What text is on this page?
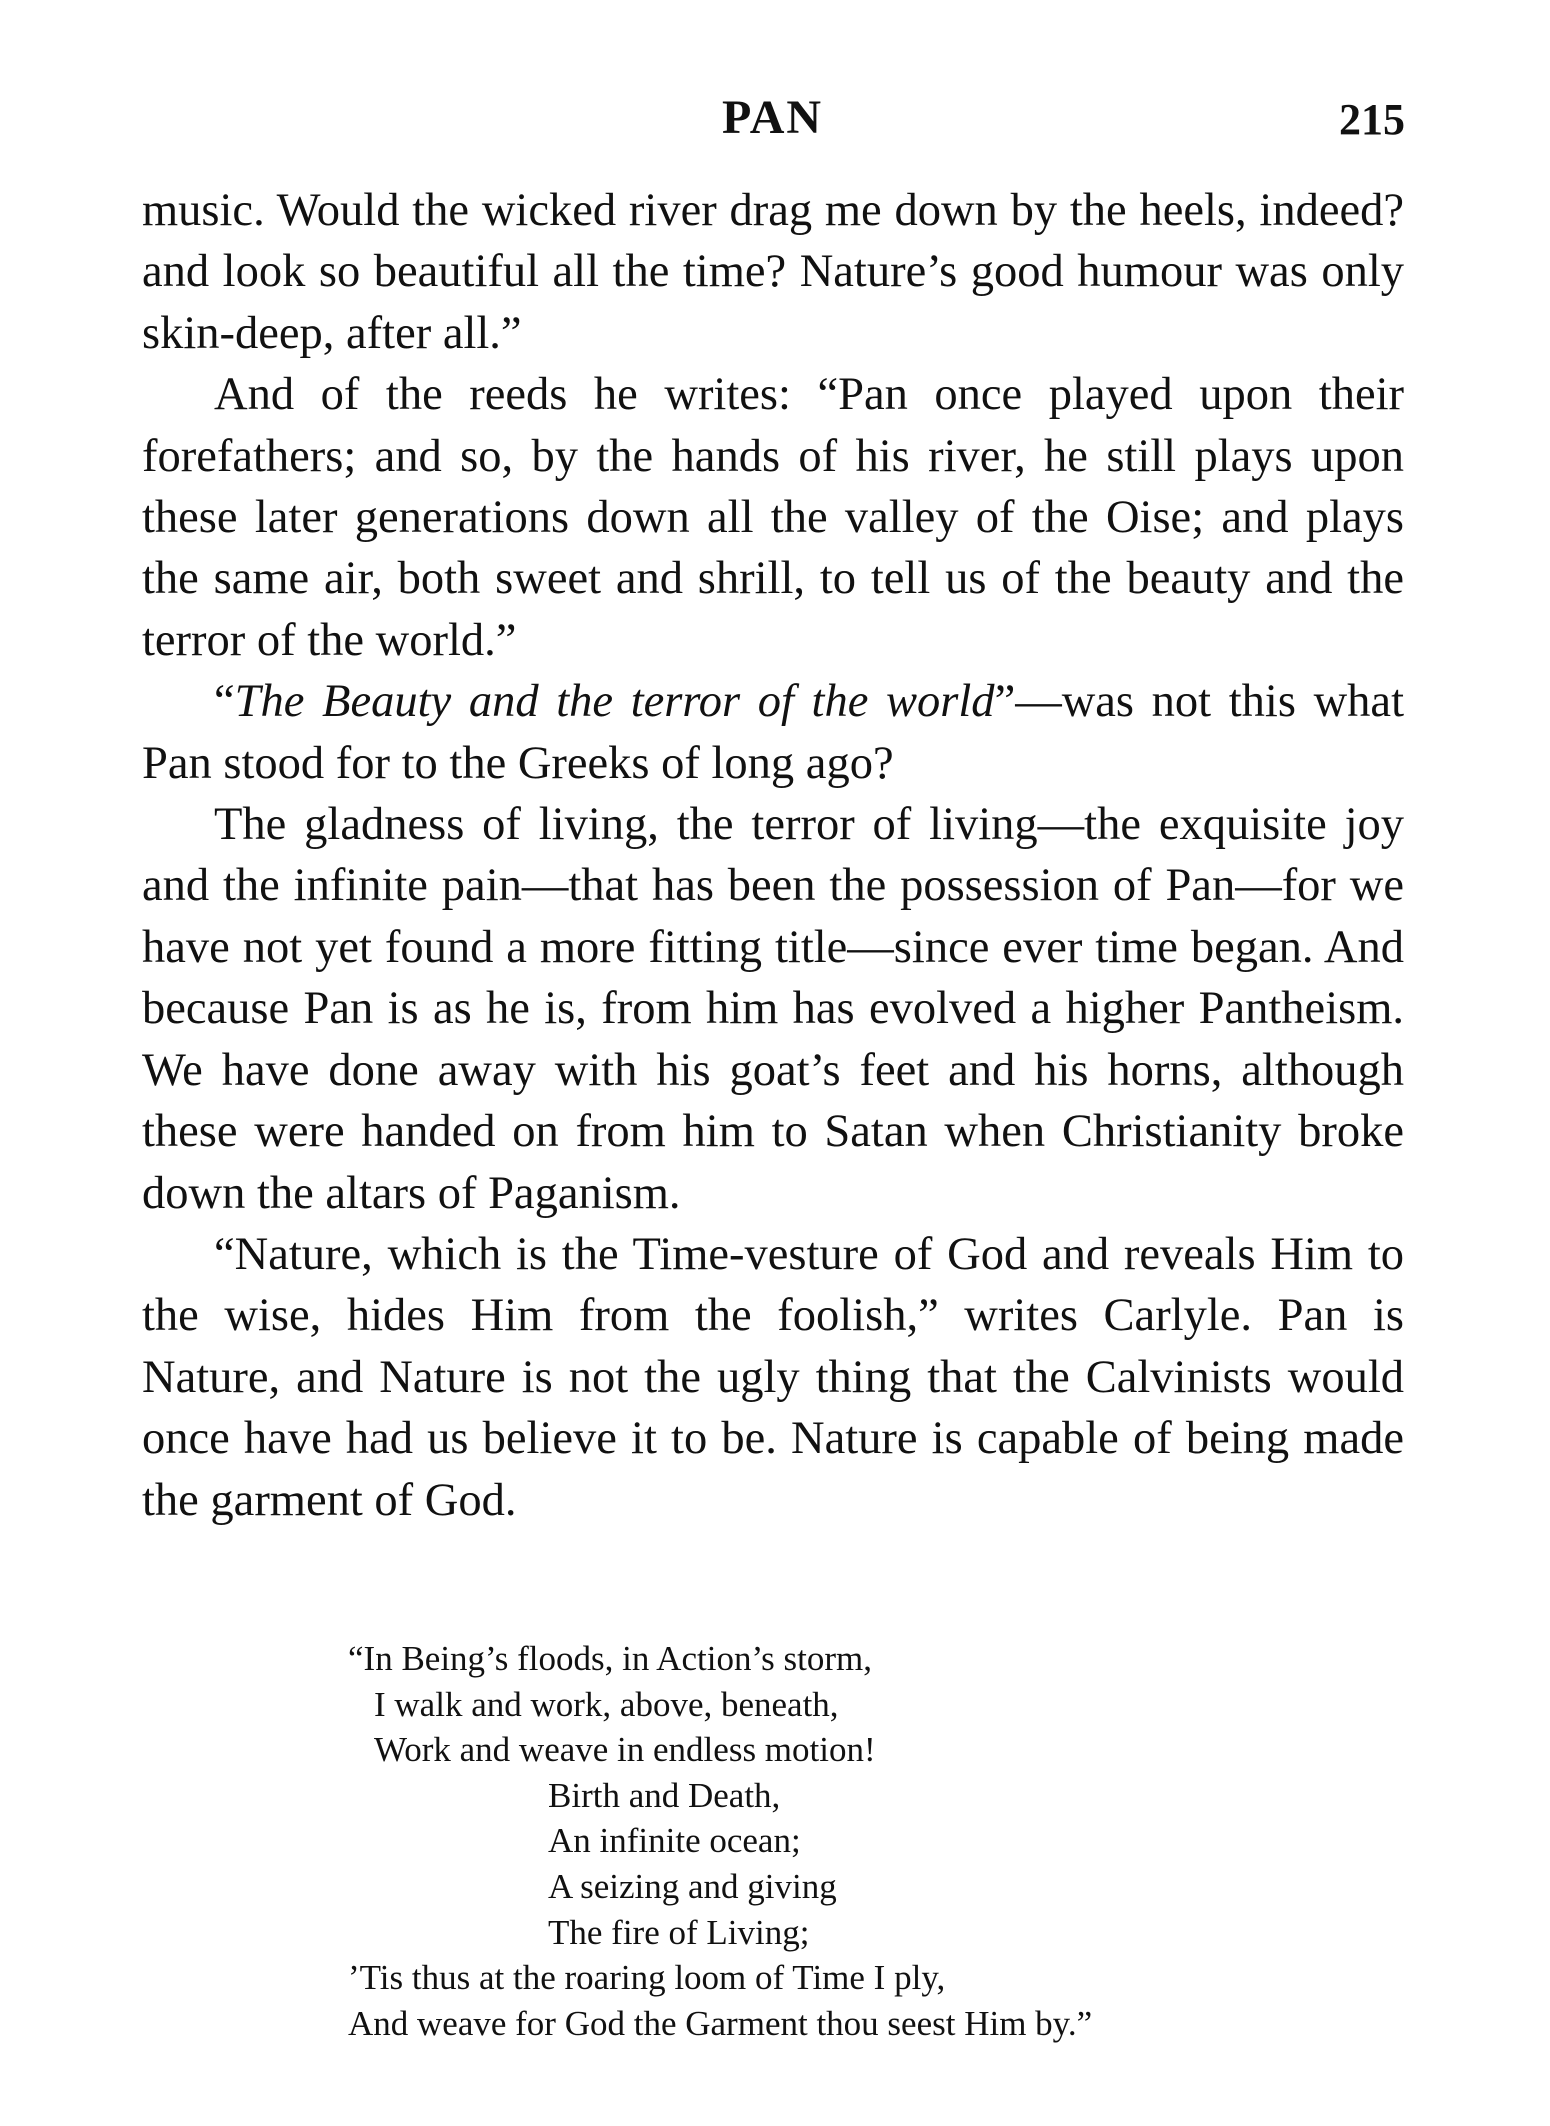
PAN	215

music. Would the wicked river drag me down by the heels, indeed? and look so beautiful all the time? Nature’s good humour was only skin-deep, after all.”

And of the reeds he writes: “Pan once played upon their forefathers; and so, by the hands of his river, he still plays upon these later generations down all the valley of the Oise; and plays the same air, both sweet and shrill, to tell us of the beauty and the terror of the world.”

“The Beauty and the terror of the world”—was not this what Pan stood for to the Greeks of long ago?

The gladness of living, the terror of living—the exquisite joy and the infinite pain—that has been the possession of Pan—for we have not yet found a more fitting title—since ever time began. And because Pan is as he is, from him has evolved a higher Pantheism. We have done away with his goat’s feet and his horns, although these were handed on from him to Satan when Christianity broke down the altars of Paganism.

“Nature, which is the Time-vesture of God and reveals Him to the wise, hides Him from the foolish,” writes Carlyle. Pan is Nature, and Nature is not the ugly thing that the Calvinists would once have had us believe it to be. Nature is capable of being made the garment of God.

“In Being’s floods, in Action’s storm,
I walk and work, above, beneath,
Work and weave in endless motion!
Birth and Death,
An infinite ocean;
A seizing and giving
The fire of Living;
’Tis thus at the roaring loom of Time I ply,
And weave for God the Garment thou seest Him by.”
